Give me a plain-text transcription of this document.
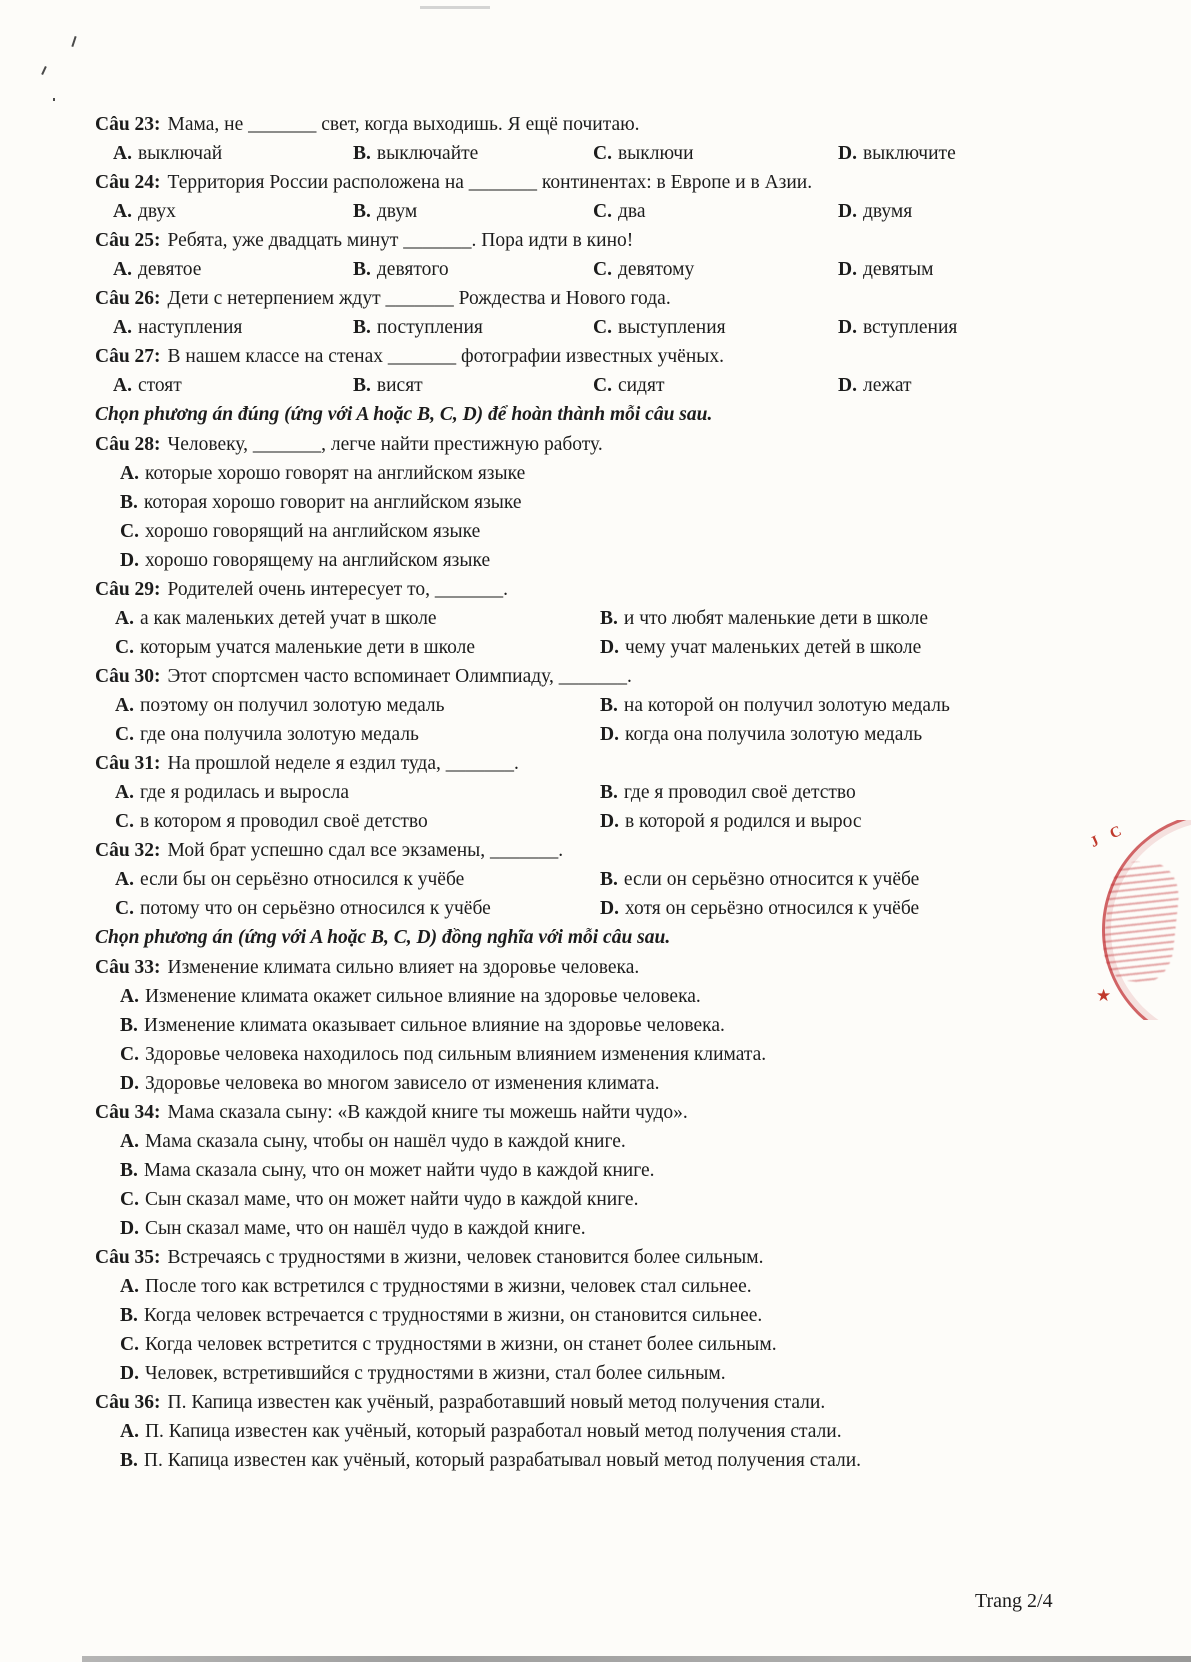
Câu 23: Мама, не _______ свет, когда выходишь. Я ещё почитаю.
A. выключай	B. выключайте	C. выключи	D. выключите
Câu 24: Территория России расположена на _______ континентах: в Европе и в Азии.
A. двух	B. двум	C. два	D. двумя
Câu 25: Ребята, уже двадцать минут _______. Пора идти в кино!
A. девятое	B. девятого	C. девятому	D. девятым
Câu 26: Дети с нетерпением ждут _______ Рождества и Нового года.
A. наступления	B. поступления	C. выступления	D. вступления
Câu 27: В нашем классе на стенах _______ фотографии известных учёных.
A. стоят	B. висят	C. сидят	D. лежат
Chọn phương án đúng (ứng với A hoặc B, C, D) để hoàn thành mỗi câu sau.
Câu 28: Человеку, _______, легче найти престижную работу.
A. которые хорошо говорят на английском языке
B. которая хорошо говорит на английском языке
C. хорошо говорящий на английском языке
D. хорошо говорящему на английском языке
Câu 29: Родителей очень интересует то, _______.
A. а как маленьких детей учат в школе	B. и что любят маленькие дети в школе
C. которым учатся маленькие дети в школе	D. чему учат маленьких детей в школе
Câu 30: Этот спортсмен часто вспоминает Олимпиаду, _______.
A. поэтому он получил золотую медаль	B. на которой он получил золотую медаль
C. где она получила золотую медаль	D. когда она получила золотую медаль
Câu 31: На прошлой неделе я ездил туда, _______.
A. где я родилась и выросла	B. где я проводил своё детство
C. в котором я проводил своё детство	D. в которой я родился и вырос
Câu 32: Мой брат успешно сдал все экзамены, _______.
A. если бы он серьёзно относился к учёбе	B. если он серьёзно относится к учёбе
C. потому что он серьёзно относился к учёбе	D. хотя он серьёзно относился к учёбе
Chọn phương án (ứng với A hoặc B, C, D) đồng nghĩa với mỗi câu sau.
Câu 33: Изменение климата сильно влияет на здоровье человека.
A. Изменение климата окажет сильное влияние на здоровье человека.
B. Изменение климата оказывает сильное влияние на здоровье человека.
C. Здоровье человека находилось под сильным влиянием изменения климата.
D. Здоровье человека во многом зависело от изменения климата.
Câu 34: Мама сказала сыну: «В каждой книге ты можешь найти чудо».
A. Мама сказала сыну, чтобы он нашёл чудо в каждой книге.
B. Мама сказала сыну, что он может найти чудо в каждой книге.
C. Сын сказал маме, что он может найти чудо в каждой книге.
D. Сын сказал маме, что он нашёл чудо в каждой книге.
Câu 35: Встречаясь с трудностями в жизни, человек становится более сильным.
A. После того как встретился с трудностями в жизни, человек стал сильнее.
B. Когда человек встречается с трудностями в жизни, он становится сильнее.
C. Когда человек встретится с трудностями в жизни, он станет более сильным.
D. Человек, встретившийся с трудностями в жизни, стал более сильным.
Câu 36: П. Капица известен как учёный, разработавший новый метод получения стали.
A. П. Капица известен как учёный, который разработал новый метод получения стали.
B. П. Капица известен как учёный, который разрабатывал новый метод получения стали.
J C
★
Trang 2/4
